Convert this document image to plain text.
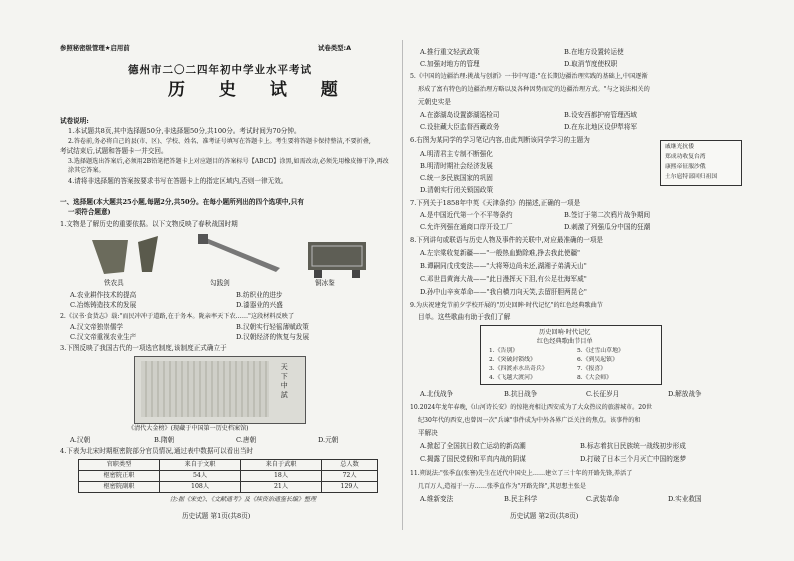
参照秘密级管理★启用前	试卷类型:A
德州市二〇二四年初中学业水平考试
历 史 试 题
试卷说明:
1.本试题共8页,其中选择题50分,非选择题50分,共100分。考试时间为70分钟。
2.答卷前,务必将自己的县(市、区)、学校、姓名、准考证号填写在答题卡上。考生要将答题卡保持整洁,不要折叠,
考试结束后,试题和答题卡一并交回。
3.选择题选出答案后,必须用2B铅笔把答题卡上对应题目的答案标号【ABCD】涂黑,如需改动,必须先用橡皮擦干净,再改涂其它答案。
4.请将非选择题的答案按要求书写在答题卡上的指定区域内,否则一律无效。
一、选择题(本大题共25小题,每题2分,共50分。在每小题所列出的四个选项中,只有
一项符合题意)
1.文物是了解历史的重要依据。以下文物反映了春秋战国时期
铁农具	勾践剑	铜冰鉴
A.农业耕作技术的提高	B.纺织业的进步
C.冶炼铸造技术的发展	D.漆器业的兴盛
2.《汉书·食货志》载:"而民冲冲于道路,在于务本。陇亲率天下农……"这段材料反映了
A.汉文帝独崇儒学	B.汉朝实行轻徭薄赋政策
C.汉文帝重视农业生产	D.汉朝经济的恢复与发展
3.下图反映了我国古代的一项选官制度,该制度正式确立于
天 下 中 試
《清代大金榜》(现藏于中国第一历史档案馆)
A.汉朝	B.隋朝	C.唐朝	D.元朝
4.下表为北宋时期枢密院部分官员情况,通过表中数据可以看出当时
官职类型	来自于文职	来自于武职	总人数
枢密院正职	54人	18人	72人
枢密院副职	108人	21人	129人
注:据《宋史》、《文献通考》及《续资治通鉴长编》整理
历史试题 第1页(共8页)
A.推行重文轻武政策	B.在地方设置转运使
C.加强对地方的管理	D.取消节度使权职
5.《中国的边疆治理:挑战与创新》一书中写道:"在长期边疆治理实践的基础上,中国逐渐
形成了富有特色的边疆治理方略以及各种因势而定的边疆治理方式。"与之说法相关的
元朝史实是
A.在澎湖岛设置澎湖巡检司	B.设安西都护府管理西域
C.设驻藏大臣监督西藏政务	D.在东北地区设伊犁将军
6.右图为某同学的学习笔记内容,由此判断该同学学习的主题为
戚继光抗倭
郑成功收复台湾
康熙帝征服沙俄
土尔扈特部回归祖国
A.明清君主专制不断强化
B.明清时期社会经济发展
C.统一多民族国家的巩固
D.清朝实行闭关锁国政策
7.下列关于1858年中英《天津条约》的描述,正确的一项是
A.是中国近代第一个不平等条约	B.签订于第二次鸦片战争期间
C.允许列强在通商口岸开设工厂	D.刺激了列强瓜分中国的狂潮
8.下列讲句或联语与历史人物及事件的关联中,对应最准确的一项是
A.左宗棠收复新疆——"一般热血勤除难,挣去我此使疆"
B.谭嗣同戊戌变法——"大将筹边尚未还,湖湘子弟满天山"
C.邓世昌黄海大战——"此日漫挥天下泪,有公足壮海军威"
D.孙中山辛亥革命——"我自横刀向天笑,去留肝胆两昆仑"
9.为庆祝建党节前夕学校开展的"历史回眸·时代记忆"的红色经典歌曲节
目单。这些歌曲有助于我们了解
历史回响·时代记忆
红色经典歌曲节目单
1.《告别》	5.《过雪山草地》
2.《突破封锁线》	6.《到吴起镇》
3.《四渡赤水出奇兵》	7.《报喜》
4.《飞越大渡河》	8.《大会师》
A.北伐战争	B.抗日战争	C.长征岁月	D.解放战争
10.2024年龙年春晚,《山河诗长安》的惊艳亮相让西安成为了大众热议的旅游城市。20世
纪30年代的西安,也曾因一次"兵谏"事件成为中外各界广泛关注的焦点。该事件的和
平解决
A.掀起了全国抗日救亡运动的新高潮	B.标志着抗日民族统一战线初步形成
C.揭露了国民党假和平真内战的阴谋	D.打破了日本三个月灭亡中国的迷梦
11.朔说法:"张季直(张謇)先生在近代中国史上……建立了三十年的开路先锋,养活了
几百万人,造福于一方……张季直作为"开路先锋",其思想主张是
A.维新变法	B.民主科学	C.武装革命	D.实业救国
历史试题 第2页(共8页)
